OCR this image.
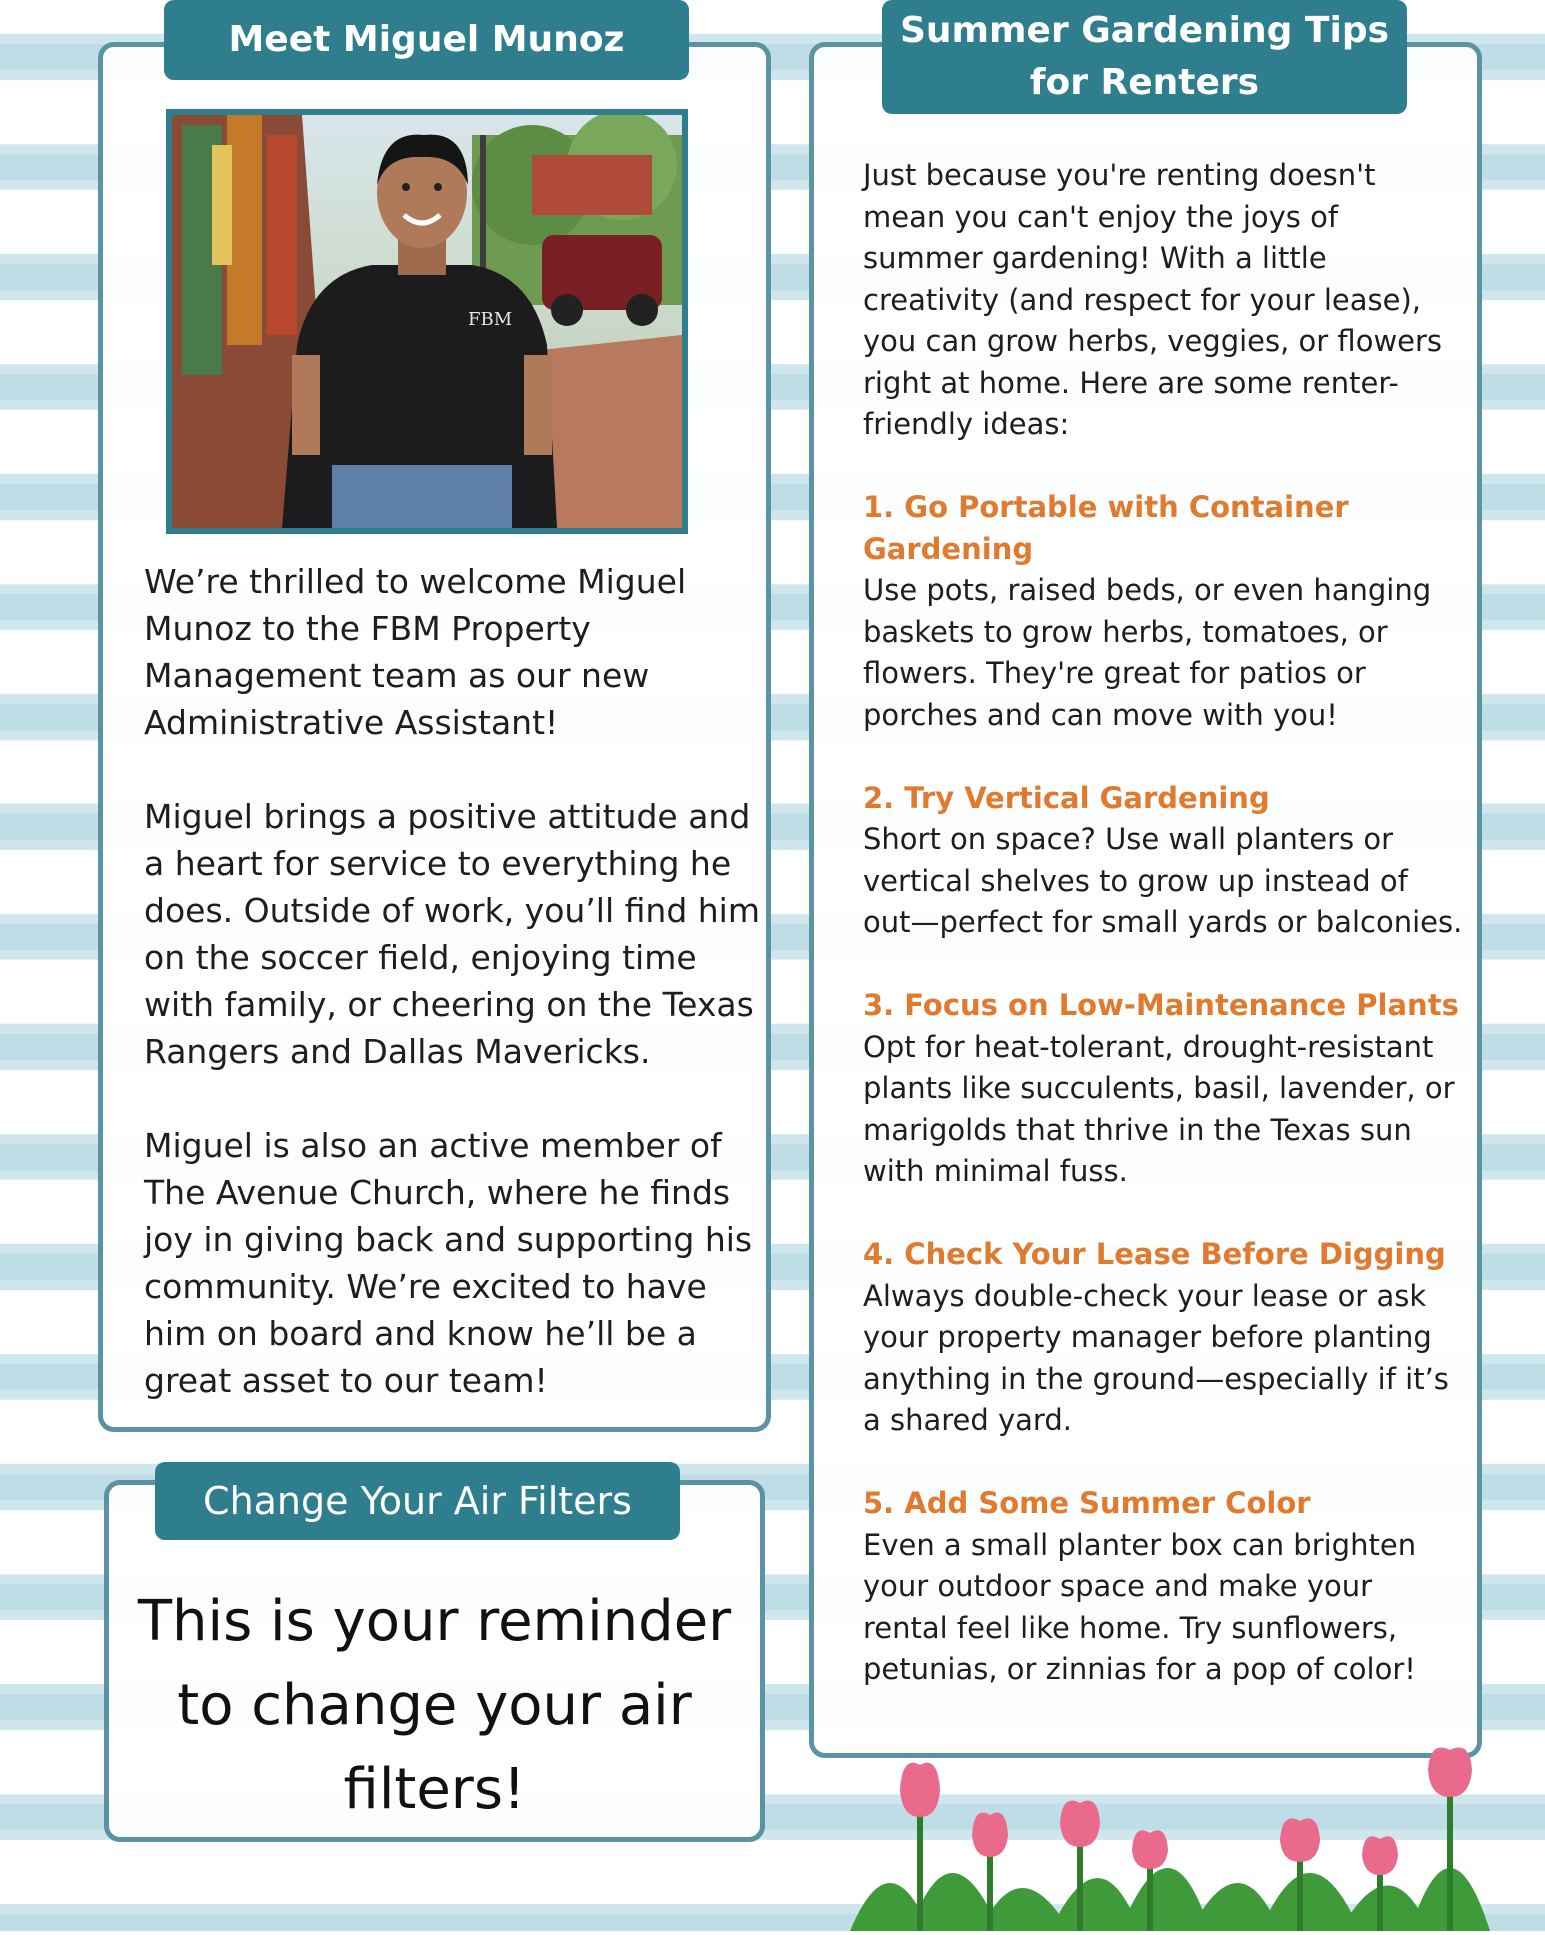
Meet Miguel Munoz
FBM

We’re thrilled to welcome Miguel Munoz to the FBM Property Management team as our new Administrative Assistant!

Miguel brings a positive attitude and a heart for service to everything he does. Outside of work, you’ll find him on the soccer field, enjoying time with family, or cheering on the Texas Rangers and Dallas Mavericks.

Miguel is also an active member of The Avenue Church, where he finds joy in giving back and supporting his community. We’re excited to have him on board and know he’ll be a great asset to our team!

Change Your Air Filters
This is your reminder to change your air filters!
Summer Gardening Tips
for Renters

Just because you're renting doesn't mean you can't enjoy the joys of summer gardening! With a little creativity (and respect for your lease), you can grow herbs, veggies, or flowers right at home. Here are some renter-friendly ideas:

1. Go Portable with Container Gardening

Use pots, raised beds, or even hanging baskets to grow herbs, tomatoes, or flowers. They're great for patios or porches and can move with you!

2. Try Vertical Gardening

Short on space? Use wall planters or vertical shelves to grow up instead of out—perfect for small yards or balconies.

3. Focus on Low-Maintenance Plants

Opt for heat-tolerant, drought-resistant plants like succulents, basil, lavender, or marigolds that thrive in the Texas sun with minimal fuss.

4. Check Your Lease Before Digging

Always double-check your lease or ask your property manager before planting anything in the ground—especially if it’s a shared yard.

5. Add Some Summer Color

Even a small planter box can brighten your outdoor space and make your rental feel like home. Try sunflowers, petunias, or zinnias for a pop of color!
